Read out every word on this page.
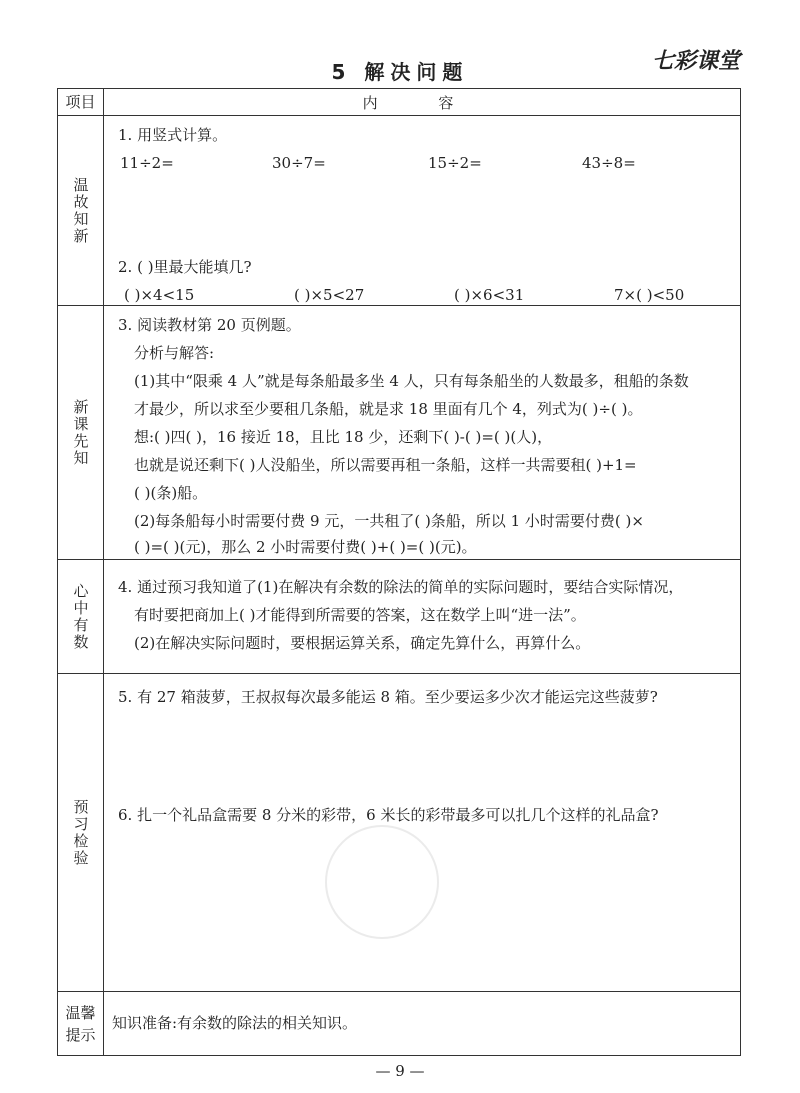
七彩课堂
5 解决问题
项目	内 容
温故知新
1. 用竖式计算。
11÷2=	30÷7=	15÷2=	43÷8=
2. ( )里最大能填几?
( )×4<15	( )×5<27	( )×6<31	7×( )<50
新课先知
3. 阅读教材第 20 页例题。
分析与解答:
(1)其中“限乘 4 人”就是每条船最多坐 4 人，只有每条船坐的人数最多，租船的条数
才最少，所以求至少要租几条船，就是求 18 里面有几个 4，列式为( )÷( )。
想:( )四( )，16 接近 18，且比 18 少，还剩下( )-( )=( )(人)，
也就是说还剩下( )人没船坐，所以需要再租一条船，这样一共需要租( )+1=
( )(条)船。
(2)每条船每小时需要付费 9 元，一共租了( )条船，所以 1 小时需要付费( )×
( )=( )(元)，那么 2 小时需要付费( )+( )=( )(元)。
心中有数 4. 通过预习我知道了(1)在解决有余数的除法的简单的实际问题时，要结合实际情况，
有时要把商加上( )才能得到所需要的答案，这在数学上叫“进一法”。
(2)在解决实际问题时，要根据运算关系，确定先算什么，再算什么。
预习检验
5. 有 27 箱菠萝，王叔叔每次最多能运 8 箱。至少要运多少次才能运完这些菠萝?
6. 扎一个礼品盒需要 8 分米的彩带，6 米长的彩带最多可以扎几个这样的礼品盒?
温馨提示
知识准备:有余数的除法的相关知识。
— 9 —
